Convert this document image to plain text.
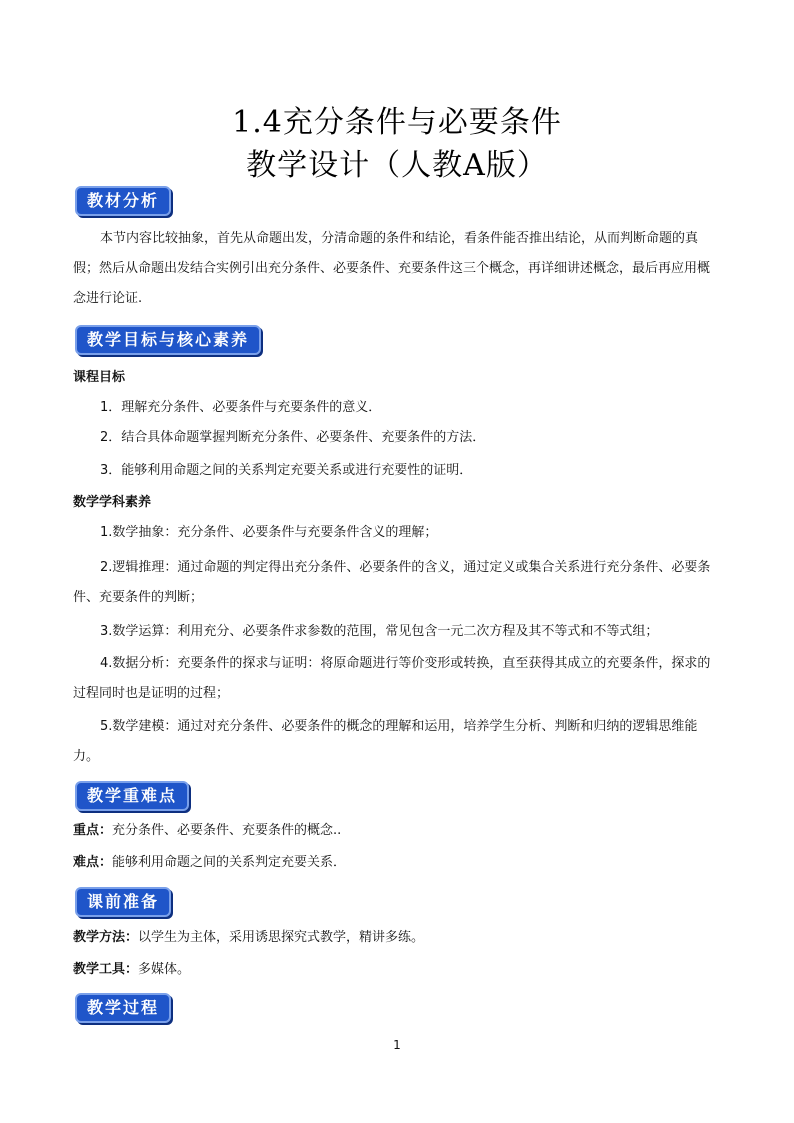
1.4充分条件与必要条件
教学设计（人教A版）
教材分析
本节内容比较抽象，首先从命题出发，分清命题的条件和结论，看条件能否推出结论，从而判断命题的真假；然后从命题出发结合实例引出充分条件、必要条件、充要条件这三个概念，再详细讲述概念，最后再应用概念进行论证.
教学目标与核心素养
课程目标
1．理解充分条件、必要条件与充要条件的意义．
2．结合具体命题掌握判断充分条件、必要条件、充要条件的方法．
3．能够利用命题之间的关系判定充要关系或进行充要性的证明．
数学学科素养
1.数学抽象：充分条件、必要条件与充要条件含义的理解；
2.逻辑推理：通过命题的判定得出充分条件、必要条件的含义，通过定义或集合关系进行充分条件、必要条件、充要条件的判断；
3.数学运算：利用充分、必要条件求参数的范围，常见包含一元二次方程及其不等式和不等式组；
4.数据分析：充要条件的探求与证明：将原命题进行等价变形或转换，直至获得其成立的充要条件，探求的过程同时也是证明的过程；
5.数学建模：通过对充分条件、必要条件的概念的理解和运用，培养学生分析、判断和归纳的逻辑思维能力。
教学重难点
重点：充分条件、必要条件、充要条件的概念..
难点：能够利用命题之间的关系判定充要关系．
课前准备
教学方法：以学生为主体，采用诱思探究式教学，精讲多练。
教学工具：多媒体。
教学过程
1
